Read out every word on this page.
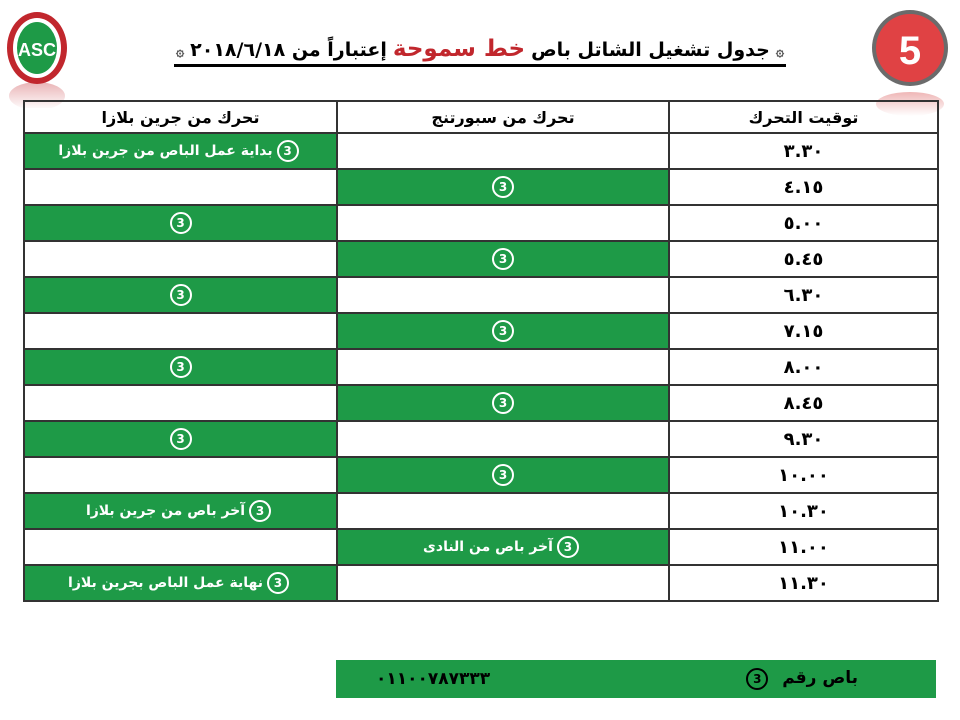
ASC	5
۞
جدول تشغيل الشاتل باص
خط سموحة
إعتباراً من ٢٠١٨/٦/١٨
۞
توقيت التحرك	تحرك من سبورتنج	تحرك من جرين بلازا
٣.٣٠		3بداية عمل الباص من جرين بلازا
٤.١٥	3	
٥.٠٠		3
٥.٤٥	3	
٦.٣٠		3
٧.١٥	3	
٨.٠٠		3
٨.٤٥	3	
٩.٣٠		3
١٠.٠٠	3	
١٠.٣٠		3آخر باص من جرين بلازا
١١.٠٠	3آخر باص من النادى	
١١.٣٠		3نهاية عمل الباص بجرين بلازا
باص رقم 3
٠١١٠٠٧٨٧٣٣٣
